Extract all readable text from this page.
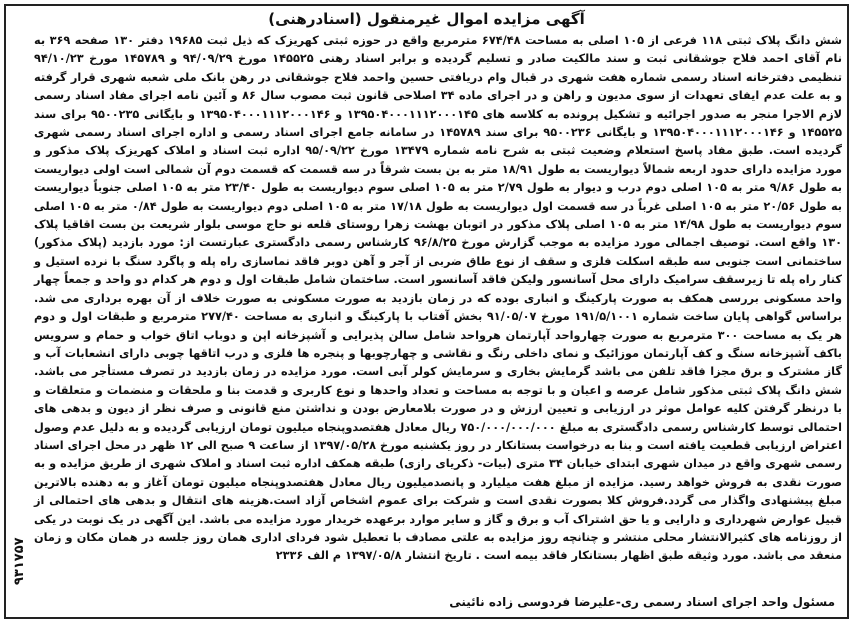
آگهی مزایده اموال غیرمنقول (اسنادرهنی)

شش دانگ پلاک ثبتی ۱۱۸ فرعی از ۱۰۵ اصلی به مساحت ۶۷۴/۴۸ مترمربع واقع در حوزه ثبتی کهریزک که ذیل ثبت ۱۹۶۸۵ دفتر ۱۳۰ صفحه ۳۶۹ به نام آقای احمد فلاح جوشقانی ثبت و سند مالکیت صادر و تسلیم گردیده و برابر اسناد رهنی ۱۴۵۵۲۵ مورخ ۹۴/۰۹/۲۹ و ۱۴۵۷۸۹ مورخ ۹۴/۱۰/۲۳ تنظیمی دفترخانه اسناد رسمی شماره هفت شهری در قبال وام دریافتی حسین واحمد فلاح جوشقانی در رهن بانک ملی شعبه شهری قرار گرفته و به علت عدم ایفای تعهدات از سوی مدیون و راهن و در اجرای ماده ۳۴ اصلاحی قانون ثبت مصوب سال ۸۶ و آئین نامه اجرای مفاد اسناد رسمی لازم الاجرا منجر به صدور اجرائیه و تشکیل پرونده به کلاسه های ۱۳۹۵۰۴۰۰۰۱۱۱۲۰۰۰۱۴۵ و ۱۳۹۵۰۴۰۰۰۱۱۱۲۰۰۰۱۴۶ و بایگانی ۹۵۰۰۲۳۵ برای سند ۱۴۵۵۲۵ و ۱۳۹۵۰۴۰۰۰۱۱۱۲۰۰۰۱۴۶ و بایگانی ۹۵۰۰۲۳۶ برای سند ۱۴۵۷۸۹ در سامانه جامع اجرای اسناد رسمی و اداره اجرای اسناد رسمی شهری گردیده است. طبق مفاد پاسخ استعلام وضعیت ثبتی به شرح نامه شماره ۱۳۴۷۹ مورخ ۹۵/۰۹/۲۲ اداره ثبت اسناد و املاک کهریزک پلاک مذکور و مورد مزایده دارای حدود اربعه شمالاً دیواریست به طول ۱۸/۹۱ متر به بن بست شرقاً در سه قسمت که قسمت دوم آن شمالی است اولی دیواریست به طول ۹/۸۶ متر به ۱۰۵ اصلی دوم درب و دیوار به طول ۲/۷۹ متر به ۱۰۵ اصلی سوم دیواریست به طول ۲۳/۴۰ متر به ۱۰۵ اصلی جنوباً دیواریست به طول ۲۰/۵۶ متر به ۱۰۵ اصلی غرباً در سه قسمت اول دیواریست به طول ۱۷/۱۸ متر به ۱۰۵ اصلی دوم دیواریست به طول ۰/۸۴ متر به ۱۰۵ اصلی سوم دیواریست به طول ۱۴/۹۸ متر به ۱۰۵ اصلی پلاک مذکور در اتوبان بهشت زهرا روستای قلعه نو حاج موسی بلوار شریعت بن بست اقاقیا پلاک ۱۳۰ واقع است. توصیف اجمالی مورد مزایده به موجب گزارش مورخ ۹۶/۸/۲۵ کارشناس رسمی دادگستری عبارتست از: مورد بازدید (پلاک مذکور) ساختمانی است جنوبی سه طبقه اسکلت فلزی و سقف از نوع طاق ضربی از آجر و آهن دوبر فاقد نماسازی راه پله و پاگرد سنگ با نرده استیل و کنار راه پله تا زیرسقف سرامیک دارای محل آسانسور ولیکن فاقد آسانسور است. ساختمان شامل طبقات اول و دوم هر کدام دو واحد و جمعاً چهار واحد مسکونی بررسی همکف به صورت پارکینگ و انباری بوده که در زمان بازدید به صورت مسکونی به صورت خلاف از آن بهره برداری می شد. براساس گواهی پایان ساخت شماره ۱۹۱/۵/۱۰۰۱ مورخ ۹۱/۰۵/۰۷ بخش آفتاب با پارکینگ و انباری به مساحت ۲۷۷/۴۰ مترمربع و طبقات اول و دوم هر یک به مساحت ۳۰۰ مترمربع به صورت چهارواحد آپارتمان هرواحد شامل سالن پذیرایی و آشپزخانه اپن و دوباب اتاق خواب و حمام و سرویس باکف آشپزخانه سنگ و کف آپارتمان موزائیک و نمای داخلی رنگ و نقاشی و چهارچوبها و پنجره ها فلزی و درب اتاقها چوبی دارای انشعابات آب و گاز مشترک و برق مجزا فاقد تلفن می باشد گرمایش بخاری و سرمایش کولر آبی است. مورد مزایده در زمان بازدید در تصرف مستأجر می باشد. شش دانگ پلاک ثبتی مذکور شامل عرصه و اعیان و با توجه به مساحت و تعداد واحدها و نوع کاربری و قدمت بنا و ملحقات و منضمات و متعلقات و با درنظر گرفتن کلیه عوامل موثر در ارزیابی و تعیین ارزش و در صورت بلامعارض بودن و نداشتن منع قانونی و صرف نظر از دیون و بدهی های احتمالی توسط کارشناس رسمی دادگستری به مبلغ ۷۵۰/۰۰۰/۰۰۰/۰۰۰ ریال معادل هفتصدوپنجاه میلیون تومان ارزیابی گردیده و به دلیل عدم وصول اعتراض ارزیابی قطعیت یافته است و بنا به درخواست بستانکار در روز یکشنبه مورخ ۱۳۹۷/۰۵/۲۸ از ساعت ۹ صبح الی ۱۲ ظهر در محل اجرای اسناد رسمی شهری واقع در میدان شهری ابتدای خیابان ۳۴ متری (بیات- ذکریای رازی) طبقه همکف اداره ثبت اسناد و املاک شهری از طریق مزایده و به صورت نقدی به فروش خواهد رسید. مزایده از مبلغ هفت میلیارد و پانصدمیلیون ریال معادل هفتصدوپنجاه میلیون تومان آغاز و به دهنده بالاترین مبلغ پیشنهادی واگذار می گردد.فروش کلا بصورت نقدی است و شرکت برای عموم اشخاص آزاد است.هزینه های انتقال و بدهی های احتمالی از قبیل عوارض شهرداری و دارایی و یا حق اشتراک آب و برق و گاز و سایر موارد برعهده خریدار مورد مزایده می باشد. این آگهی در یک نوبت در یکی از روزنامه های کثیرالانتشار محلی منتشر و چنانچه روز مزایده به علتی مصادف با تعطیل شود فردای اداری همان روز جلسه در همان مکان و زمان منعقد می باشد. مورد وثیقه طبق اظهار بستانکار فاقد بیمه است . تاریخ انتشار ۱۳۹۷/۰۵/۸ م الف ۲۳۳۶

مسئول واحد اجرای اسناد رسمی ری-علیرضا فردوسی زاده نائینی
۹۳۱۷۵۷
